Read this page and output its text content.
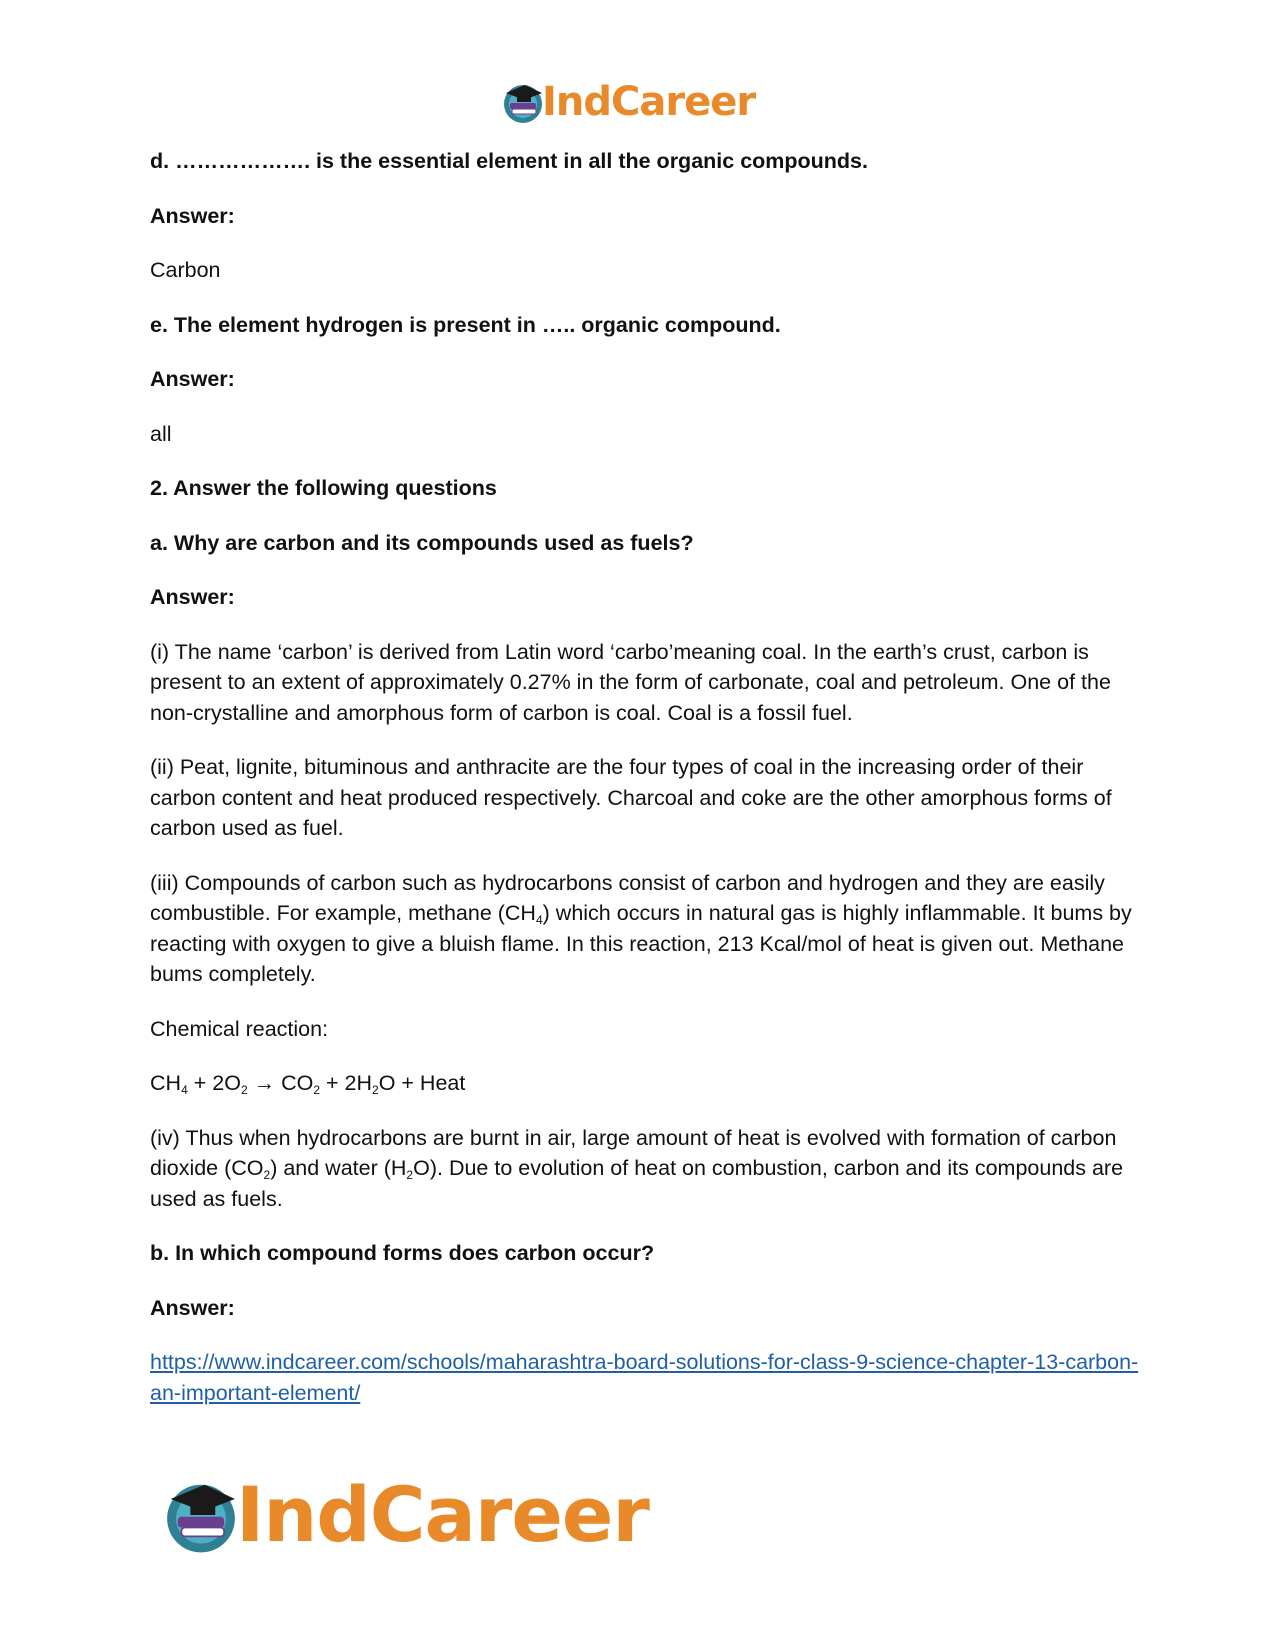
IndCareer

d. ………………. is the essential element in all the organic compounds.

Answer:

Carbon

e. The element hydrogen is present in ….. organic compound.

Answer:

all

2. Answer the following questions

a. Why are carbon and its compounds used as fuels?

Answer:

(i) The name ‘carbon’ is derived from Latin word ‘carbo’meaning coal. In the earth’s crust, carbon is present to an extent of approximately 0.27% in the form of carbonate, coal and petroleum. One of the non-crystalline and amorphous form of carbon is coal. Coal is a fossil fuel.

(ii) Peat, lignite, bituminous and anthracite are the four types of coal in the increasing order of their carbon content and heat produced respectively. Charcoal and coke are the other amorphous forms of carbon used as fuel.

(iii) Compounds of carbon such as hydrocarbons consist of carbon and hydrogen and they are easily combustible. For example, methane $(CH_4)$ which occurs in natural gas is highly inflammable. It bums by reacting with oxygen to give a bluish flame. In this reaction, 213 Kcal/mol of heat is given out. Methane bums completely.

Chemical reaction:

$CH_4 + 2O_2 \to CO_2 + 2H_2O$ + Heat

(iv) Thus when hydrocarbons are burnt in air, large amount of heat is evolved with formation of carbon dioxide $(CO_2)$ and water $(H_2O)$. Due to evolution of heat on combustion, carbon and its compounds are used as fuels.

b. In which compound forms does carbon occur?

Answer:

https://www.indcareer.com/schools/maharashtra-board-solutions-for-class-9-science-chapter-13-carbon-an-important-element/

IndCareer
